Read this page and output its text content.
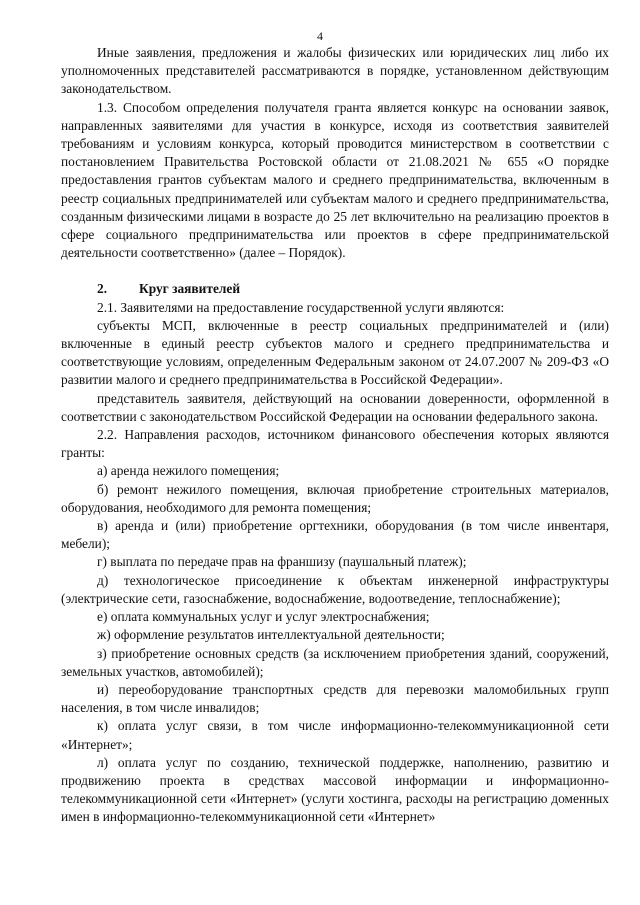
4

Иные заявления, предложения и жалобы физических или юридических лиц либо их уполномоченных представителей рассматриваются в порядке, установленном действующим законодательством.

1.3. Способом определения получателя гранта является конкурс на основании заявок, направленных заявителями для участия в конкурсе, исходя из соответствия заявителей требованиям и условиям конкурса, который проводится министерством в соответствии с постановлением Правительства Ростовской области от 21.08.2021 № 655 «О порядке предоставления грантов субъектам малого и среднего предпринимательства, включенным в реестр социальных предпринимателей или субъектам малого и среднего предпринимательства, созданным физическими лицами в возрасте до 25 лет включительно на реализацию проектов в сфере социального предпринимательства или проектов в сфере предпринимательской деятельности соответственно» (далее – Порядок).

2. Круг заявителей

2.1. Заявителями на предоставление государственной услуги являются:

субъекты МСП, включенные в реестр социальных предпринимателей и (или) включенные в единый реестр субъектов малого и среднего предпринимательства и соответствующие условиям, определенным Федеральным законом от 24.07.2007 № 209-ФЗ «О развитии малого и среднего предпринимательства в Российской Федерации».

представитель заявителя, действующий на основании доверенности, оформленной в соответствии с законодательством Российской Федерации на основании федерального закона.

2.2. Направления расходов, источником финансового обеспечения которых являются гранты:

а) аренда нежилого помещения;

б) ремонт нежилого помещения, включая приобретение строительных материалов, оборудования, необходимого для ремонта помещения;

в) аренда и (или) приобретение оргтехники, оборудования (в том числе инвентаря, мебели);

г) выплата по передаче прав на франшизу (паушальный платеж);

д) технологическое присоединение к объектам инженерной инфраструктуры (электрические сети, газоснабжение, водоснабжение, водоотведение, теплоснабжение);

е) оплата коммунальных услуг и услуг электроснабжения;

ж) оформление результатов интеллектуальной деятельности;

з) приобретение основных средств (за исключением приобретения зданий, сооружений, земельных участков, автомобилей);

и) переоборудование транспортных средств для перевозки маломобильных групп населения, в том числе инвалидов;

к) оплата услуг связи, в том числе информационно-телекоммуникационной сети «Интернет»;

л) оплата услуг по созданию, технической поддержке, наполнению, развитию и продвижению проекта в средствах массовой информации и информационно-телекоммуникационной сети «Интернет» (услуги хостинга, расходы на регистрацию доменных имен в информационно-телекоммуникационной сети «Интернет»
